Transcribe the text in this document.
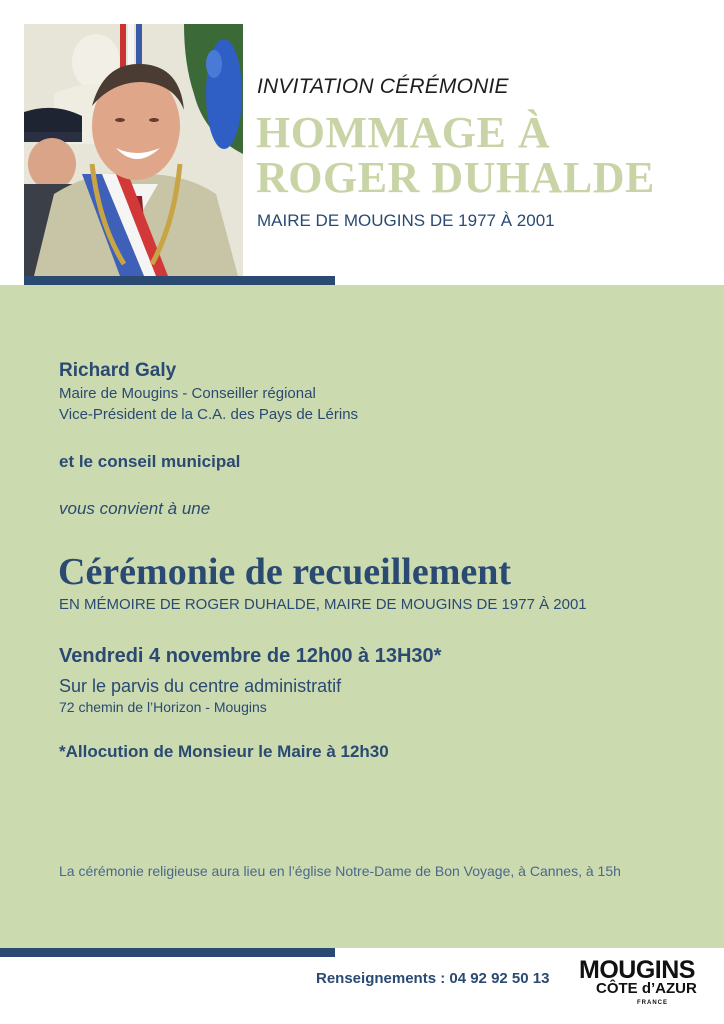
INVITATION CÉRÉMONIE
HOMMAGE À
ROGER DUHALDE
MAIRE DE MOUGINS DE 1977 À 2001
Richard Galy
Maire de Mougins - Conseiller régional
Vice-Président de la C.A. des Pays de Lérins
et le conseil municipal
vous convient à une
Cérémonie de recueillement
EN MÉMOIRE DE ROGER DUHALDE, MAIRE DE MOUGINS DE 1977 À 2001
Vendredi 4 novembre de 12h00 à 13H30*
Sur le parvis du centre administratif
72 chemin de l’Horizon - Mougins
*Allocution de Monsieur le Maire à 12h30
La cérémonie religieuse aura lieu en l’église Notre-Dame de Bon Voyage, à Cannes, à 15h
Renseignements : 04 92 92 50 13 MOUGINS
CÔTE d’AZUR
FRANCE
